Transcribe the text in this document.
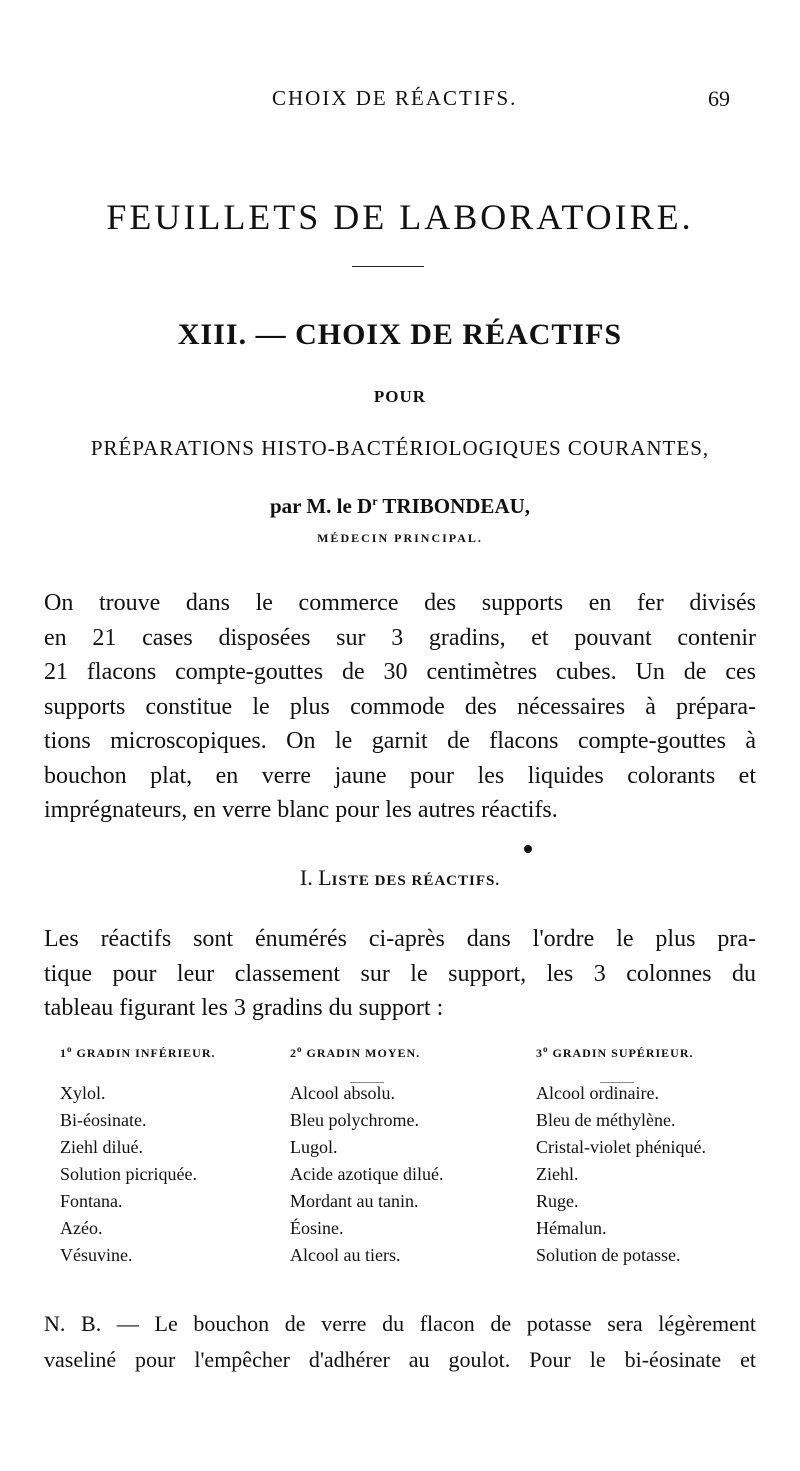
CHOIX DE RÉACTIFS.	69
FEUILLETS DE LABORATOIRE.
XIII. — CHOIX DE RÉACTIFS
POUR
PRÉPARATIONS HISTO-BACTÉRIOLOGIQUES COURANTES,
par M. le $D^r$ TRIBONDEAU,
MÉDECIN PRINCIPAL.
On trouve dans le commerce des supports en fer divisés
en 21 cases disposées sur 3 gradins, et pouvant contenir
21 flacons compte-gouttes de 30 centimètres cubes. Un de ces
supports constitue le plus commode des nécessaires à prépara-
tions microscopiques. On le garnit de flacons compte-gouttes à
bouchon plat, en verre jaune pour les liquides colorants et
imprégnateurs, en verre blanc pour les autres réactifs.
I. LISTE DES RÉACTIFS.
Les réactifs sont énumérés ci-après dans l'ordre le plus pra-
tique pour leur classement sur le support, les 3 colonnes du
tableau figurant les 3 gradins du support :
1$^o$ GRADIN INFÉRIEUR.
Xylol.
Bi-éosinate.
Ziehl dilué.
Solution picriquée.
Fontana.
Azéo.
Vésuvine.
2$^o$ GRADIN MOYEN.
Alcool absolu.
Bleu polychrome.
Lugol.
Acide azotique dilué.
Mordant au tanin.
Éosine.
Alcool au tiers.
3$^o$ GRADIN SUPÉRIEUR.
Alcool ordinaire.
Bleu de méthylène.
Cristal-violet phéniqué.
Ziehl.
Ruge.
Hémalun.
Solution de potasse.
N. B. — Le bouchon de verre du flacon de potasse sera légèrement
vaseliné pour l'empêcher d'adhérer au goulot. Pour le bi-éosinate et
